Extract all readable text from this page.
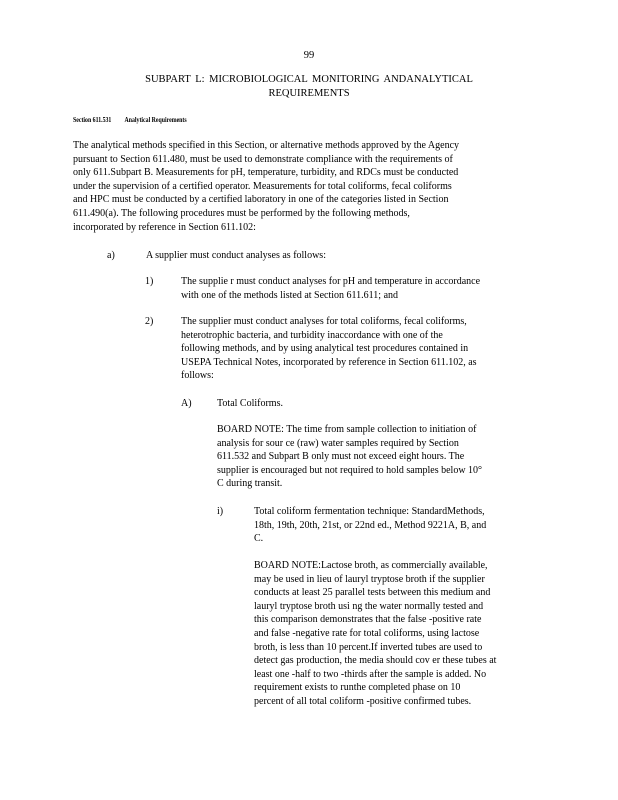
99
SUBPART L: MICROBIOLOGICAL MONITORING ANDANALYTICAL
REQUIREMENTS
Section 611.531 Analytical Requirements
The analytical methods specified in this Section, or alternative methods approved by the Agency
pursuant to Section 611.480, must be used to demonstrate compliance with the requirements of
only 611.Subpart B. Measurements for pH, temperature, turbidity, and RDCs must be conducted
under the supervision of a certified operator. Measurements for total coliforms, fecal coliforms
and HPC must be conducted by a certified laboratory in one of the categories listed in Section
611.490(a). The following procedures must be performed by the following methods,
incorporated by reference in Section 611.102:
a)	A supplier must conduct analyses as follows:
1)	The supplie r must conduct analyses for pH and temperature in accordance
with one of the methods listed at Section 611.611; and
2)	The supplier must conduct analyses for total coliforms, fecal coliforms,
heterotrophic bacteria, and turbidity inaccordance with one of the
following methods, and by using analytical test procedures contained in
USEPA Technical Notes, incorporated by reference in Section 611.102, as
follows:
A)	Total Coliforms.
BOARD NOTE: The time from sample collection to initiation of
analysis for sour ce (raw) water samples required by Section
611.532 and Subpart B only must not exceed eight hours. The
supplier is encouraged but not required to hold samples below 10°
C during transit.
i)	Total coliform fermentation technique: StandardMethods,
18th, 19th, 20th, 21st, or 22nd ed., Method 9221A, B, and
C.
BOARD NOTE:Lactose broth, as commercially available,
may be used in lieu of lauryl tryptose broth if the supplier
conducts at least 25 parallel tests between this medium and
lauryl tryptose broth usi ng the water normally tested and
this comparison demonstrates that the false -positive rate
and false -negative rate for total coliforms, using lactose
broth, is less than 10 percent.If inverted tubes are used to
detect gas production, the media should cov er these tubes at
least one -half to two -thirds after the sample is added. No
requirement exists to runthe completed phase on 10
percent of all total coliform -positive confirmed tubes.
